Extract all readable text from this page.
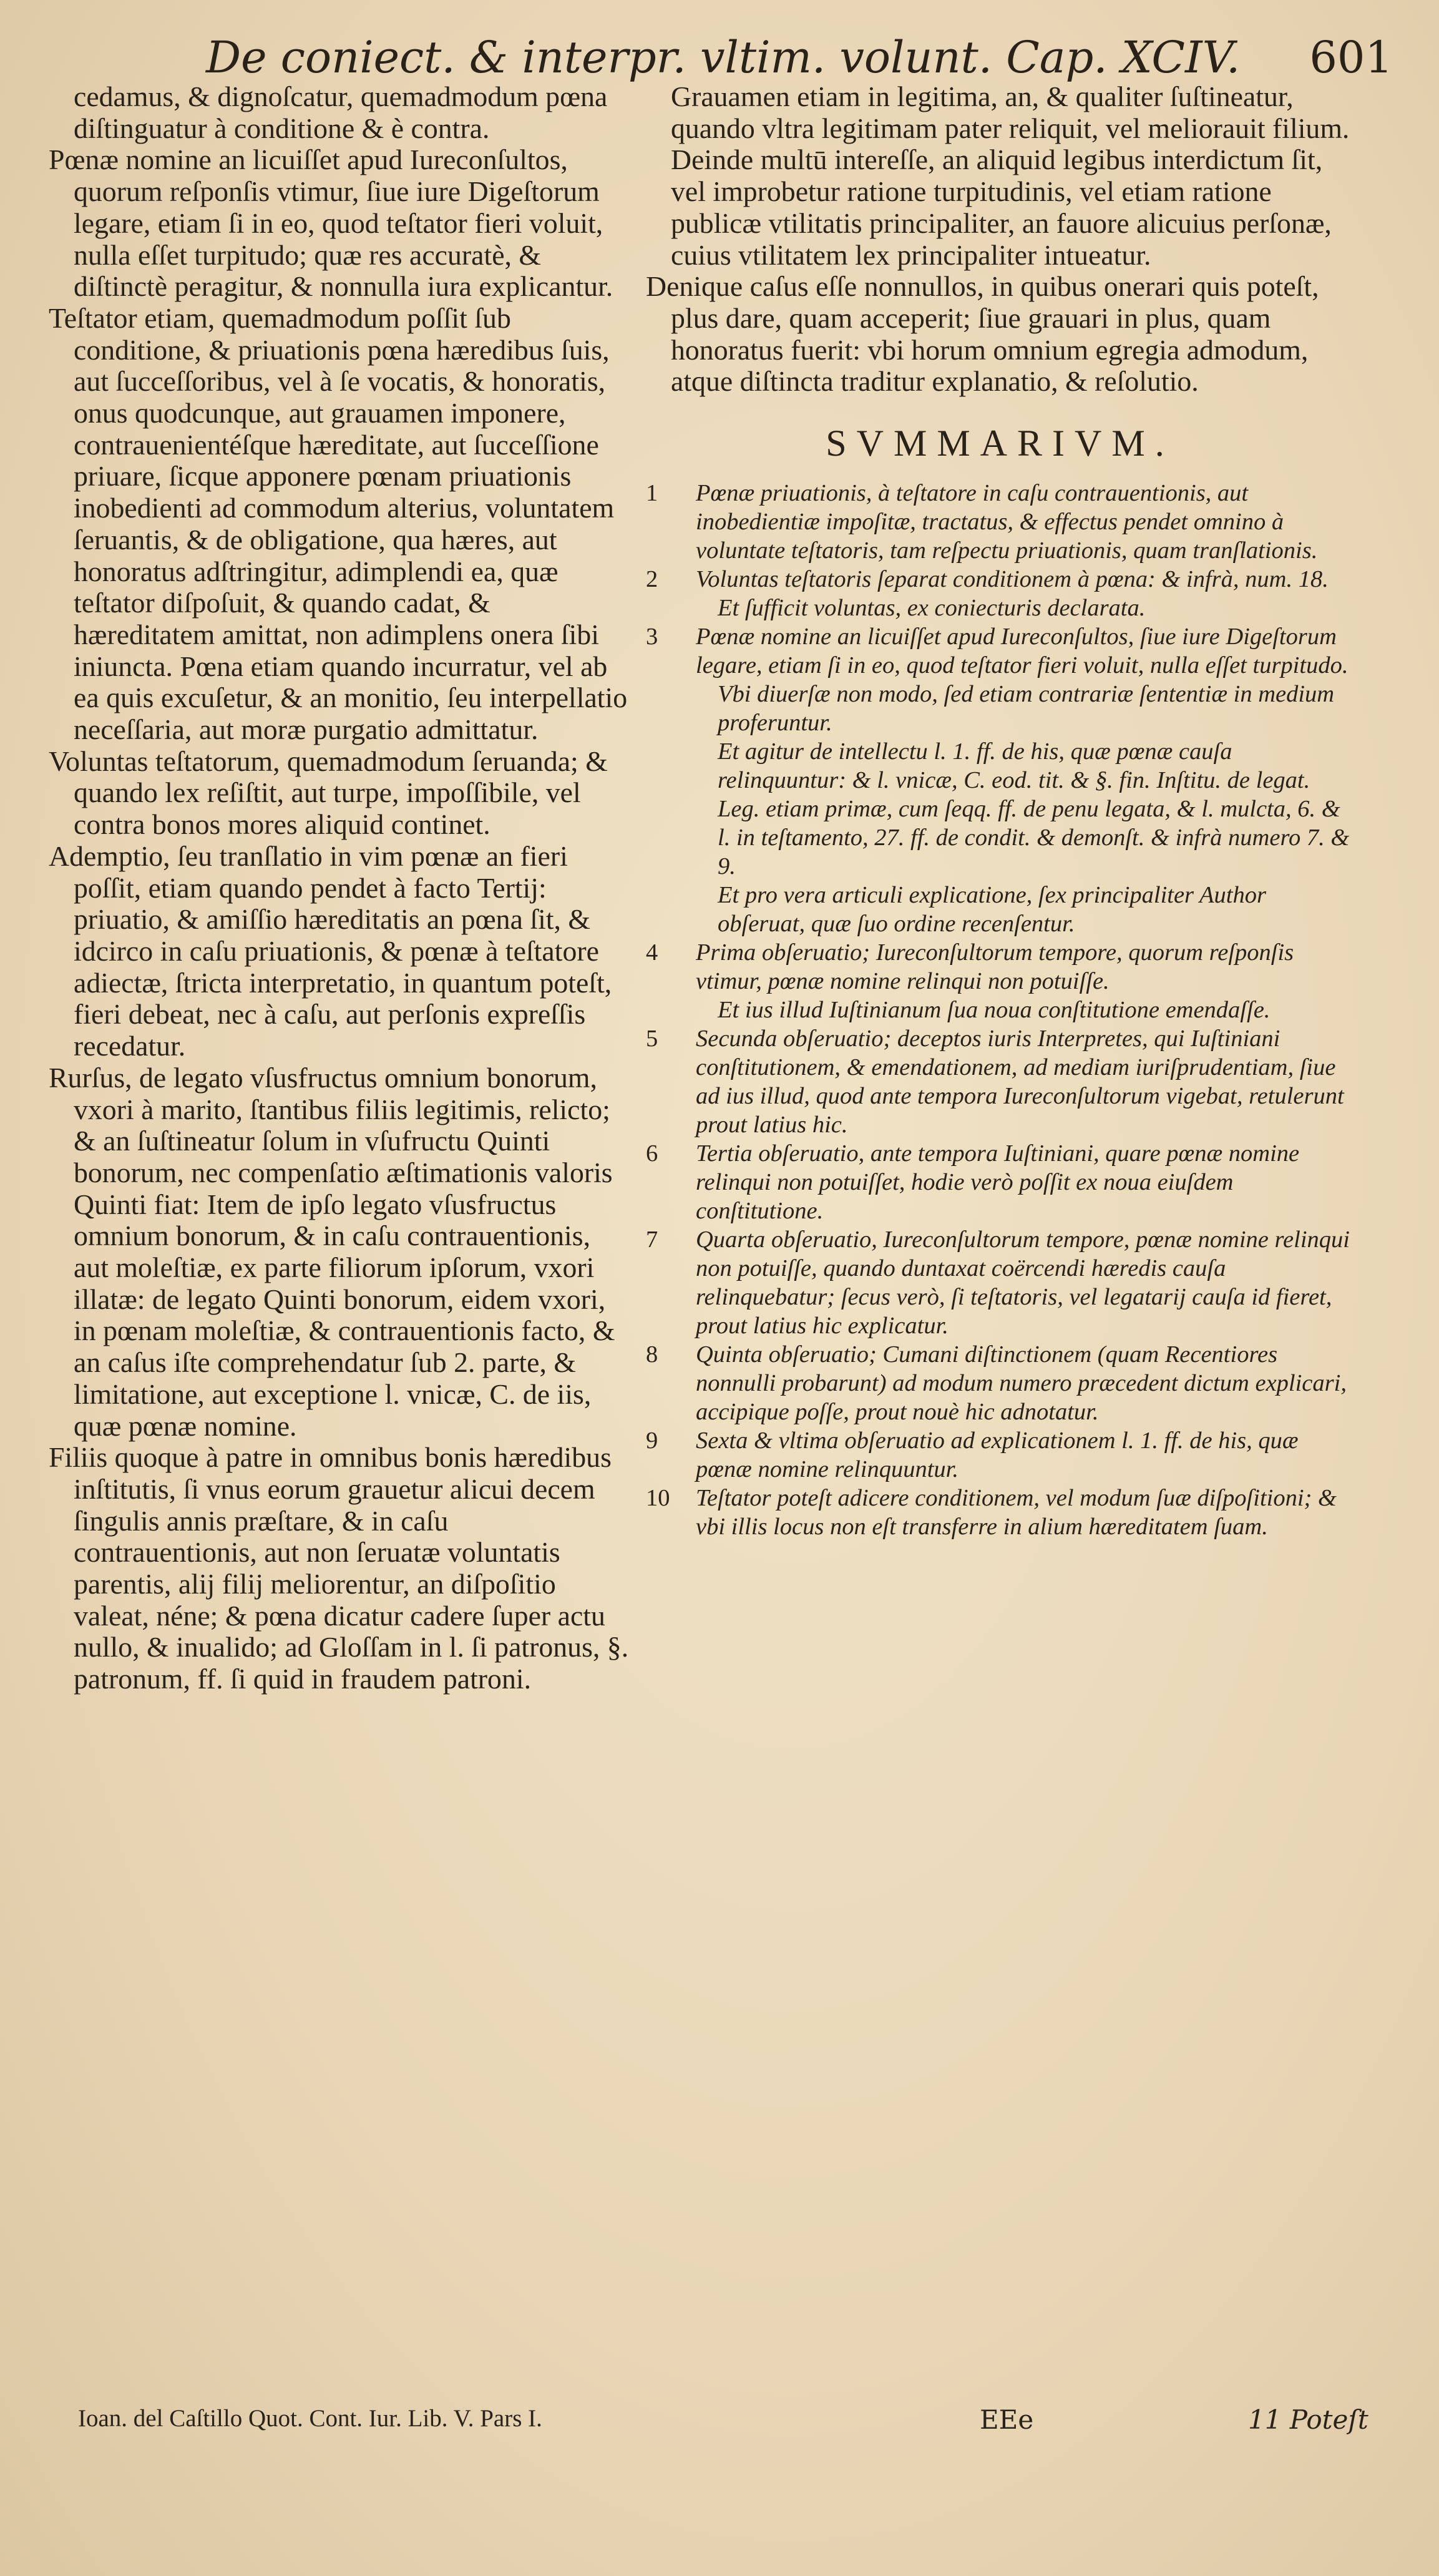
De coniect. & interpr. vltim. volunt. Cap. XCIV. 601

cedamus, & dignoſcatur, quemadmodum pœna diſtinguatur à conditione & è contra.

Pœnæ nomine an licuiſſet apud Iureconſultos, quorum reſponſis vtimur, ſiue iure Digeſtorum legare, etiam ſi in eo, quod teſtator fieri voluit, nulla eſſet turpitudo; quæ res accuratè, & diſtinctè peragitur, & nonnulla iura explicantur.

Teſtator etiam, quemadmodum poſſit ſub conditione, & priuationis pœna hæredibus ſuis, aut ſucceſſoribus, vel à ſe vocatis, & honoratis, onus quodcunque, aut grauamen imponere, contrauenientéſque hæreditate, aut ſucceſſione priuare, ſicque apponere pœnam priuationis inobedienti ad commodum alterius, voluntatem ſeruantis, & de obligatione, qua hæres, aut honoratus adſtringitur, adimplendi ea, quæ teſtator diſpoſuit, & quando cadat, & hæreditatem amittat, non adimplens onera ſibi iniuncta. Pœna etiam quando incurratur, vel ab ea quis excuſetur, & an monitio, ſeu interpellatio neceſſaria, aut moræ purgatio admittatur.

Voluntas teſtatorum, quemadmodum ſeruanda; & quando lex reſiſtit, aut turpe, impoſſibile, vel contra bonos mores aliquid continet.

Ademptio, ſeu tranſlatio in vim pœnæ an fieri poſſit, etiam quando pendet à facto Tertij: priuatio, & amiſſio hæreditatis an pœna ſit, & idcirco in caſu priuationis, & pœnæ à teſtatore adiectæ, ſtricta interpretatio, in quantum poteſt, fieri debeat, nec à caſu, aut perſonis expreſſis recedatur.

Rurſus, de legato vſusfructus omnium bonorum, vxori à marito, ſtantibus filiis legitimis, relicto; & an ſuſtineatur ſolum in vſufructu Quinti bonorum, nec compenſatio æſtimationis valoris Quinti fiat: Item de ipſo legato vſusfructus omnium bonorum, & in caſu contrauentionis, aut moleſtiæ, ex parte filiorum ipſorum, vxori illatæ: de legato Quinti bonorum, eidem vxori, in pœnam moleſtiæ, & contrauentionis facto, & an caſus iſte comprehendatur ſub 2. parte, & limitatione, aut exceptione l. vnicæ, C. de iis, quæ pœnæ nomine.

Filiis quoque à patre in omnibus bonis hæredibus inſtitutis, ſi vnus eorum grauetur alicui decem ſingulis annis præſtare, & in caſu contrauentionis, aut non ſeruatæ voluntatis parentis, alij filij meliorentur, an diſpoſitio valeat, néne; & pœna dicatur cadere ſuper actu nullo, & inualido; ad Gloſſam in l. ſi patronus, §. patronum, ff. ſi quid in fraudem patroni.

Grauamen etiam in legitima, an, & qualiter ſuſtineatur, quando vltra legitimam pater reliquit, vel meliorauit filium. Deinde multū intereſſe, an aliquid legibus interdictum ſit, vel improbetur ratione turpitudinis, vel etiam ratione publicæ vtilitatis principaliter, an fauore alicuius perſonæ, cuius vtilitatem lex principaliter intueatur.

Denique caſus eſſe nonnullos, in quibus onerari quis poteſt, plus dare, quam acceperit; ſiue grauari in plus, quam honoratus fuerit: vbi horum omnium egregia admodum, atque diſtincta traditur explanatio, & reſolutio.

SVMMARIVM.
1	Pœnæ priuationis, à teſtatore in caſu contrauentionis, aut inobedientiæ impoſitæ, tractatus, & effectus pendet omnino à voluntate teſtatoris, tam reſpectu priuationis, quam tranſlationis.
2	Voluntas teſtatoris ſeparat conditionem à pœna: & infrà, num. 18.
Et ſufficit voluntas, ex coniecturis declarata.
3	Pœnæ nomine an licuiſſet apud Iureconſultos, ſiue iure Digeſtorum legare, etiam ſi in eo, quod teſtator fieri voluit, nulla eſſet turpitudo.
Vbi diuerſæ non modo, ſed etiam contrariæ ſententiæ in medium proferuntur.
Et agitur de intellectu l. 1. ff. de his, quæ pœnæ cauſa relinquuntur: & l. vnicæ, C. eod. tit. & §. fin. Inſtitu. de legat.
Leg. etiam primæ, cum ſeqq. ff. de penu legata, & l. mulcta, 6. & l. in teſtamento, 27. ff. de condit. & demonſt. & infrà numero 7. & 9.
Et pro vera articuli explicatione, ſex principaliter Author obſeruat, quæ ſuo ordine recenſentur.
4	Prima obſeruatio; Iureconſultorum tempore, quorum reſponſis vtimur, pœnæ nomine relinqui non potuiſſe.
Et ius illud Iuſtinianum ſua noua conſtitutione emendaſſe.
5	Secunda obſeruatio; deceptos iuris Interpretes, qui Iuſtiniani conſtitutionem, & emendationem, ad mediam iuriſprudentiam, ſiue ad ius illud, quod ante tempora Iureconſultorum vigebat, retulerunt prout latius hic.
6	Tertia obſeruatio, ante tempora Iuſtiniani, quare pœnæ nomine relinqui non potuiſſet, hodie verò poſſit ex noua eiuſdem conſtitutione.
7	Quarta obſeruatio, Iureconſultorum tempore, pœnæ nomine relinqui non potuiſſe, quando duntaxat coërcendi hæredis cauſa relinquebatur; ſecus verò, ſi teſtatoris, vel legatarij cauſa id fieret, prout latius hic explicatur.
8	Quinta obſeruatio; Cumani diſtinctionem (quam Recentiores nonnulli probarunt) ad modum numero præcedent dictum explicari, accipique poſſe, prout nouè hic adnotatur.
9	Sexta & vltima obſeruatio ad explicationem l. 1. ff. de his, quæ pœnæ nomine relinquuntur.
10	Teſtator poteſt adicere conditionem, vel modum ſuæ diſpoſitioni; & vbi illis locus non eſt transferre in alium hæreditatem ſuam.
Ioan. del Caſtillo Quot. Cont. Iur. Lib. V. Pars I.	EEe	11 Poteſt
